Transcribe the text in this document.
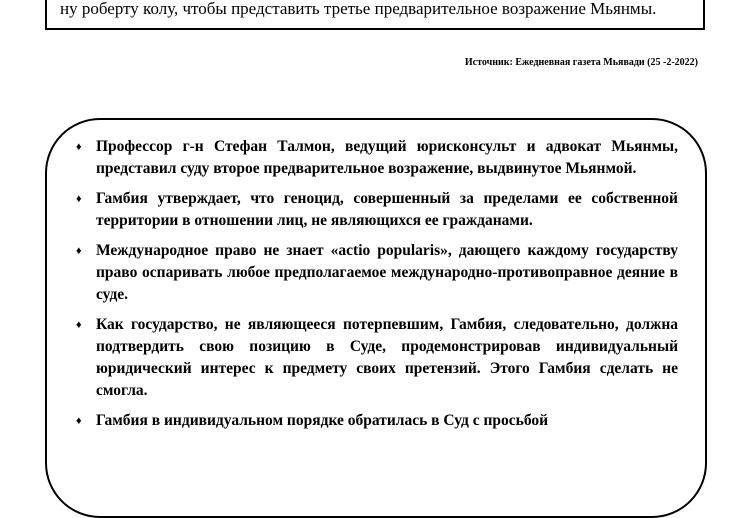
ну роберту колу, чтобы представить третье предварительное возражение Мьянмы.
Источник: Ежедневная газета Мьявади (25 -2-2022)
♦ Профессор г-н Стефан Талмон, ведущий юрисконсульт и адвокат Мьянмы, представил суду второе предварительное возражение, выдвинутое Мьянмой.
♦ Гамбия утверждает, что геноцид, совершенный за пределами ее собственной территории в отношении лиц, не являющихся ее гражданами.
♦ Международное право не знает «actio popularis», дающего каждому государству право оспаривать любое предполагаемое международно-противоправное деяние в суде.
♦ Как государство, не являющееся потерпевшим, Гамбия, следовательно, должна подтвердить свою позицию в Суде, продемонстрировав индивидуальный юридический интерес к предмету своих претензий. Этого Гамбия сделать не смогла.
♦ Гамбия в индивидуальном порядке обратилась в Суд с просьбой
